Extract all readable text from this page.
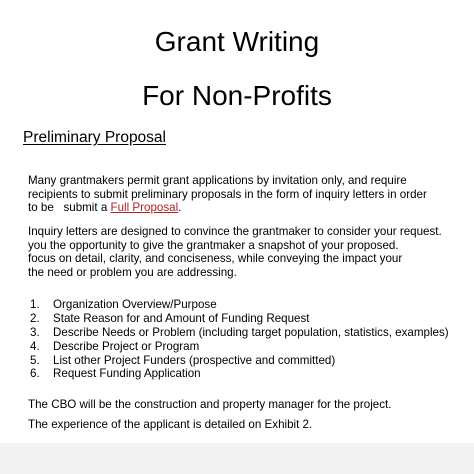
Grant Writing
For Non-Profits
Preliminary Proposal
Many grantmakers permit grant applications by invitation only, and require
recipients to submit preliminary proposals in the form of inquiry letters in order
to be   submit a Full Proposal.
Inquiry letters are designed to convince the grantmaker to consider your request.
you the opportunity to give the grantmaker a snapshot of your proposed.
focus on detail, clarity, and conciseness, while conveying the impact your
the need or problem you are addressing.
1. Organization Overview/Purpose
2. State Reason for and Amount of Funding Request
3. Describe Needs or Problem (including target population, statistics, examples)
4. Describe Project or Program
5. List other Project Funders (prospective and committed)
6. Request Funding Application
The CBO will be the construction and property manager for the project.
The experience of the applicant is detailed on Exhibit 2.
